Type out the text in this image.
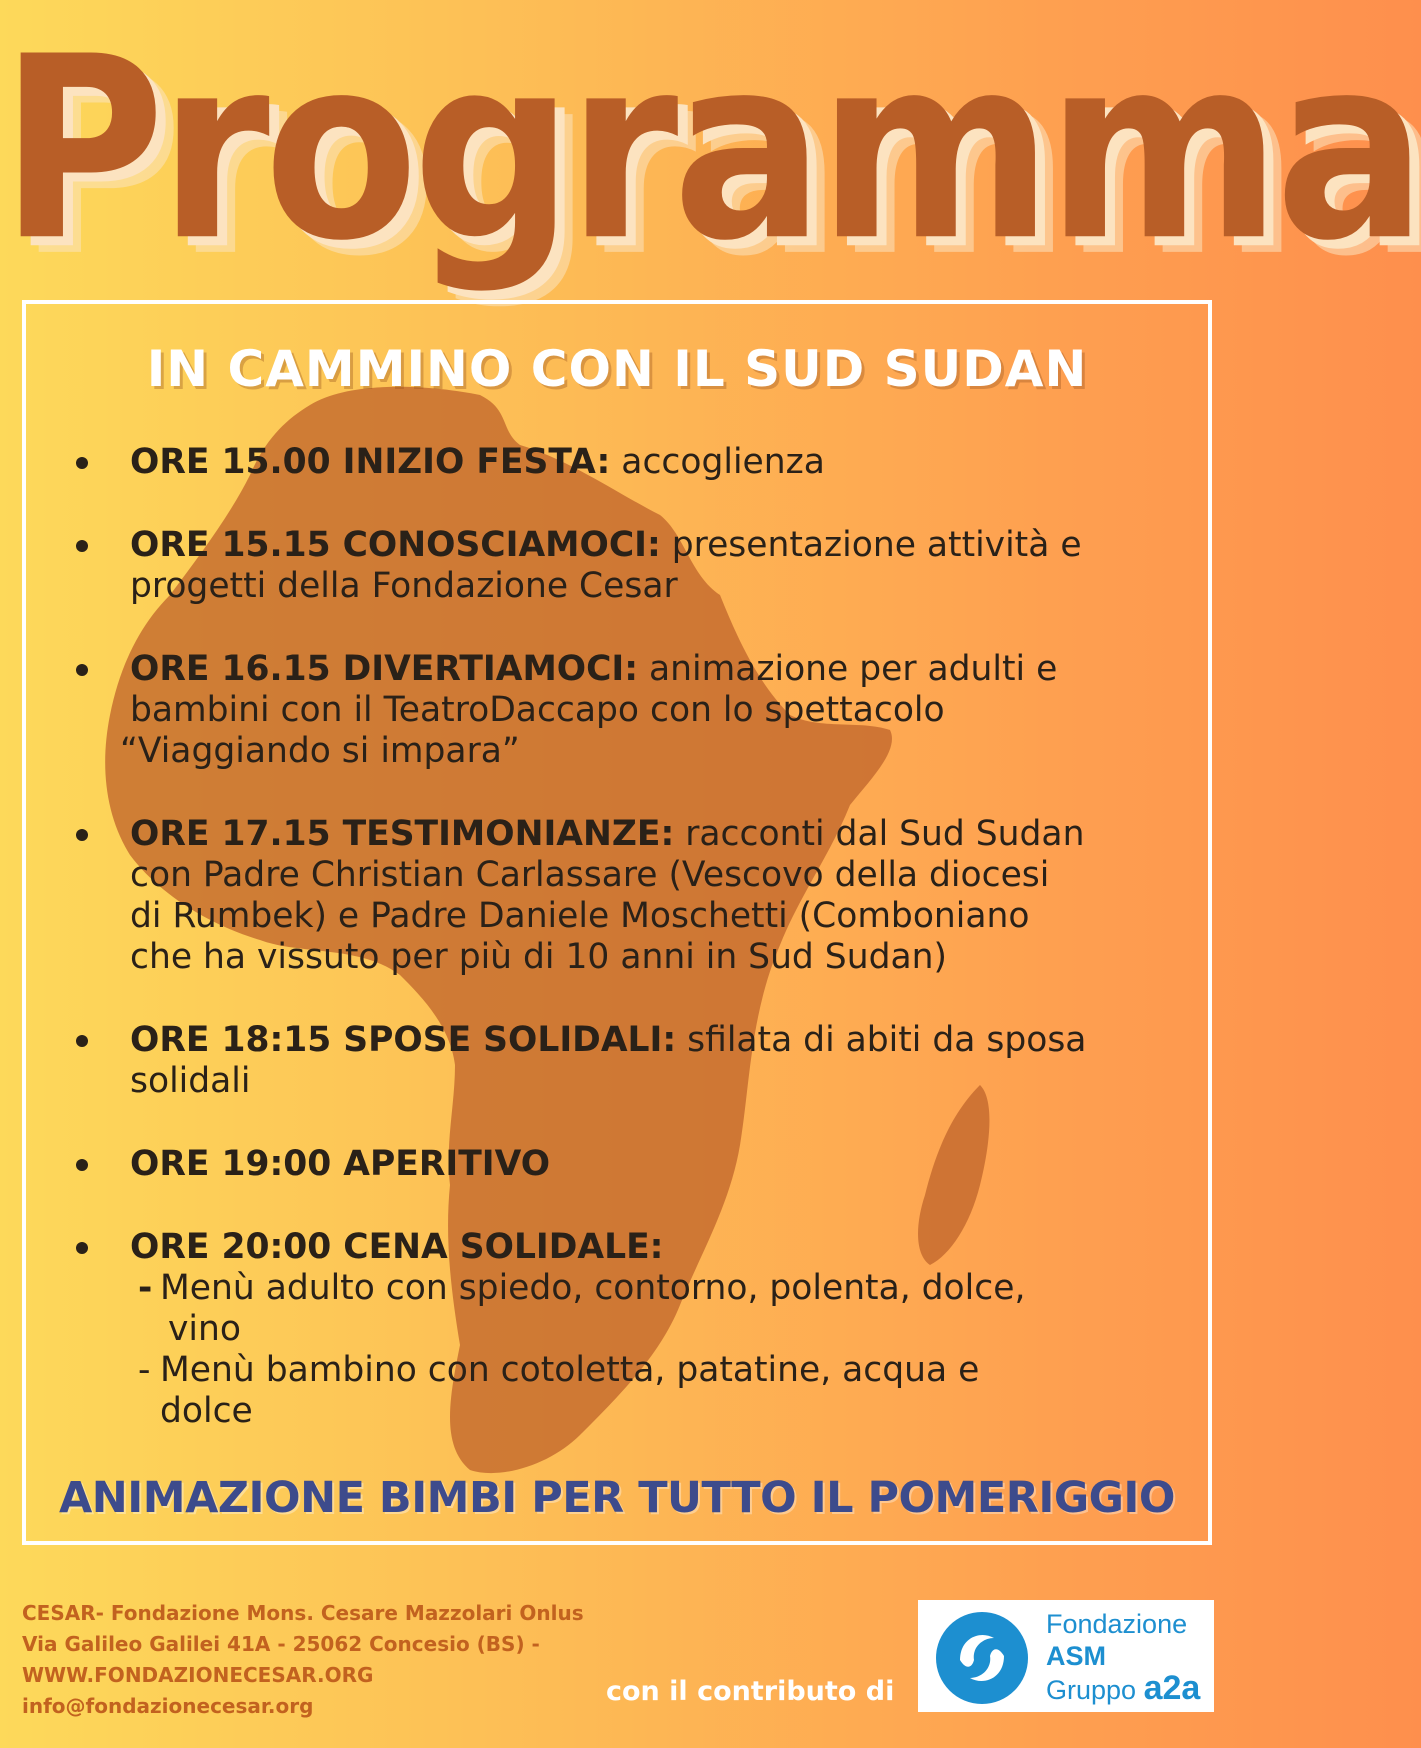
Programma
IN CAMMINO CON IL SUD SUDAN
ORE 15.00 INIZIO FESTA: accoglienza
ORE 15.15 CONOSCIAMOCI: presentazione attività e
progetti della Fondazione Cesar
ORE 16.15 DIVERTIAMOCI: animazione per adulti e
bambini con il TeatroDaccapo con lo spettacolo
“Viaggiando si impara”
ORE 17.15 TESTIMONIANZE: racconti dal Sud Sudan
con Padre Christian Carlassare (Vescovo della diocesi
di Rumbek) e Padre Daniele Moschetti (Comboniano
che ha vissuto per più di 10 anni in Sud Sudan)
ORE 18:15 SPOSE SOLIDALI: sfilata di abiti da sposa
solidali
ORE 19:00 APERITIVO
ORE 20:00 CENA SOLIDALE:
- Menù adulto con spiedo, contorno, polenta, dolce,
vino
- Menù bambino con cotoletta, patatine, acqua e
dolce
ANIMAZIONE BIMBI PER TUTTO IL POMERIGGIO
CESAR- Fondazione Mons. Cesare Mazzolari Onlus
Via Galileo Galilei 41A - 25062 Concesio (BS) -
WWW.FONDAZIONECESAR.ORG
info@fondazionecesar.org	con il contributo di
Fondazione
ASM
Gruppo a2a
